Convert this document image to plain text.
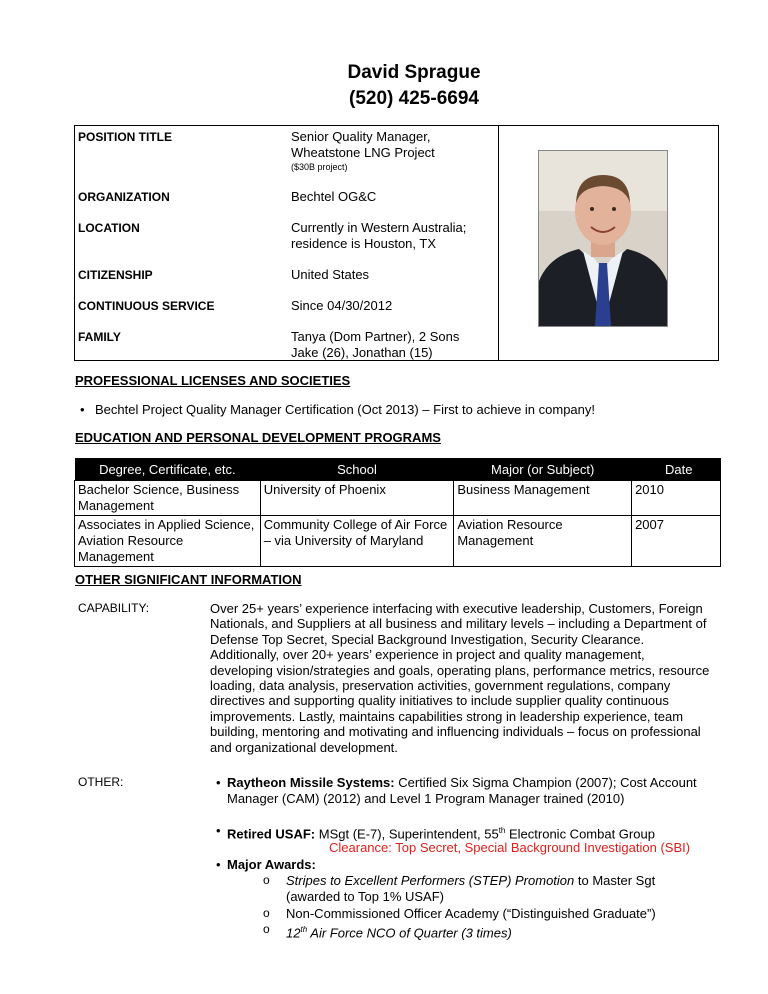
David Sprague
(520) 425-6694
POSITION TITLE	Senior Quality Manager,
Wheatstone LNG Project
($30B project)
ORGANIZATION	Bechtel OG&C
LOCATION	Currently in Western Australia;
residence is Houston, TX
CITIZENSHIP	United States
CONTINUOUS SERVICE	Since 04/30/2012
FAMILY	Tanya (Dom Partner), 2 Sons
Jake (26), Jonathan (15)
PROFESSIONAL LICENSES AND SOCIETIES
• Bechtel Project Quality Manager Certification (Oct 2013) – First to achieve in company!
EDUCATION AND PERSONAL DEVELOPMENT PROGRAMS
Degree, Certificate, etc.	School	Major (or Subject)	Date
Bachelor Science, Business Management	University of Phoenix	Business Management	2010
Associates in Applied Science, Aviation Resource Management	Community College of Air Force – via University of Maryland	Aviation Resource Management	2007
OTHER SIGNIFICANT INFORMATION
CAPABILITY:	Over 25+ years’ experience interfacing with executive leadership, Customers, Foreign Nationals, and Suppliers at all business and military levels – including a Department of Defense Top Secret, Special Background Investigation, Security Clearance. Additionally, over 20+ years’ experience in project and quality management, developing vision/strategies and goals, operating plans, performance metrics, resource loading, data analysis, preservation activities, government regulations, company directives and supporting quality initiatives to include supplier quality continuous improvements. Lastly, maintains capabilities strong in leadership experience, team building, mentoring and motivating and influencing individuals – focus on professional and organizational development.
OTHER:	• Raytheon Missile Systems: Certified Six Sigma Champion (2007); Cost Account Manager (CAM) (2012) and Level 1 Program Manager trained (2010)
• Retired USAF: MSgt (E-7), Superintendent, 55th Electronic Combat Group
Clearance: Top Secret, Special Background Investigation (SBI)
• Major Awards:
o Stripes to Excellent Performers (STEP) Promotion to Master Sgt (awarded to Top 1% USAF)
o Non-Commissioned Officer Academy (“Distinguished Graduate”)
o 12th Air Force NCO of Quarter (3 times)
